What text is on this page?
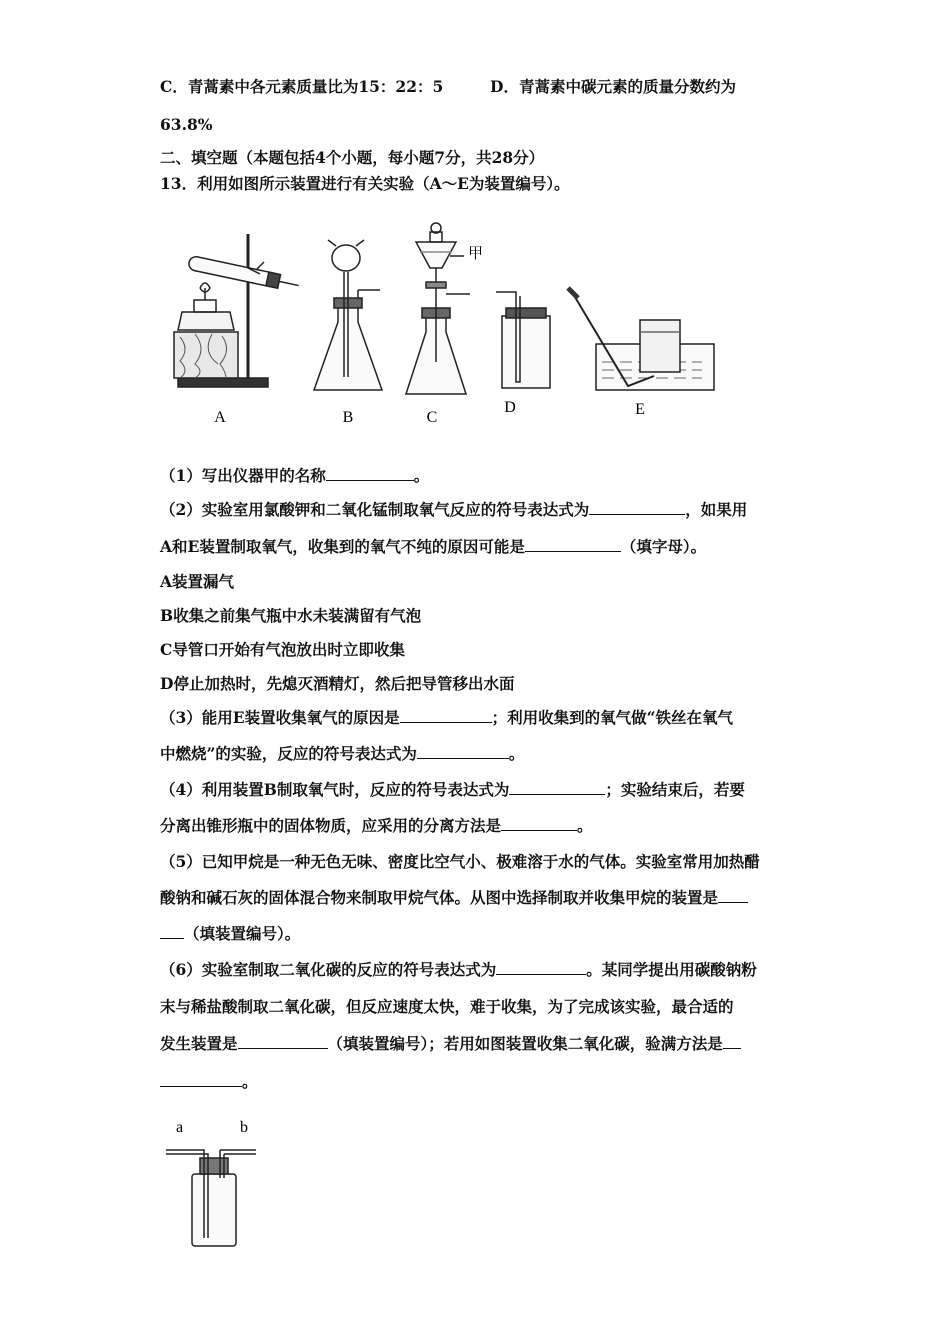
C．青蒿素中各元素质量比为15：22：5	D．青蒿素中碳元素的质量分数约为
63.8%
二、填空题（本题包括4个小题，每小题7分，共28分）
13．利用如图所示装置进行有关实验（A～E为装置编号）。
A	B	C
甲
D	E
（1）写出仪器甲的名称	。
（2）实验室用氯酸钾和二氧化锰制取氧气反应的符号表达式为	，如果用
A和E装置制取氧气，收集到的氧气不纯的原因可能是	（填字母）。
A装置漏气
B收集之前集气瓶中水未装满留有气泡
C导管口开始有气泡放出时立即收集
D停止加热时，先熄灭酒精灯，然后把导管移出水面
（3）能用E装置收集氧气的原因是	；利用收集到的氧气做“铁丝在氧气
中燃烧”的实验，反应的符号表达式为	。
（4）利用装置B制取氧气时，反应的符号表达式为	；实验结束后，若要
分离出锥形瓶中的固体物质，应采用的分离方法是	。
（5）已知甲烷是一种无色无味、密度比空气小、极难溶于水的气体。实验室常用加热醋
酸钠和碱石灰的固体混合物来制取甲烷气体。从图中选择制取并收集甲烷的装置是
（填装置编号）。
（6）实验室制取二氧化碳的反应的符号表达式为	。某同学提出用碳酸钠粉
末与稀盐酸制取二氧化碳，但反应速度太快，难于收集，为了完成该实验，最合适的
发生装置是	（填装置编号）；若用如图装置收集二氧化碳，验满方法是
。
a	b
